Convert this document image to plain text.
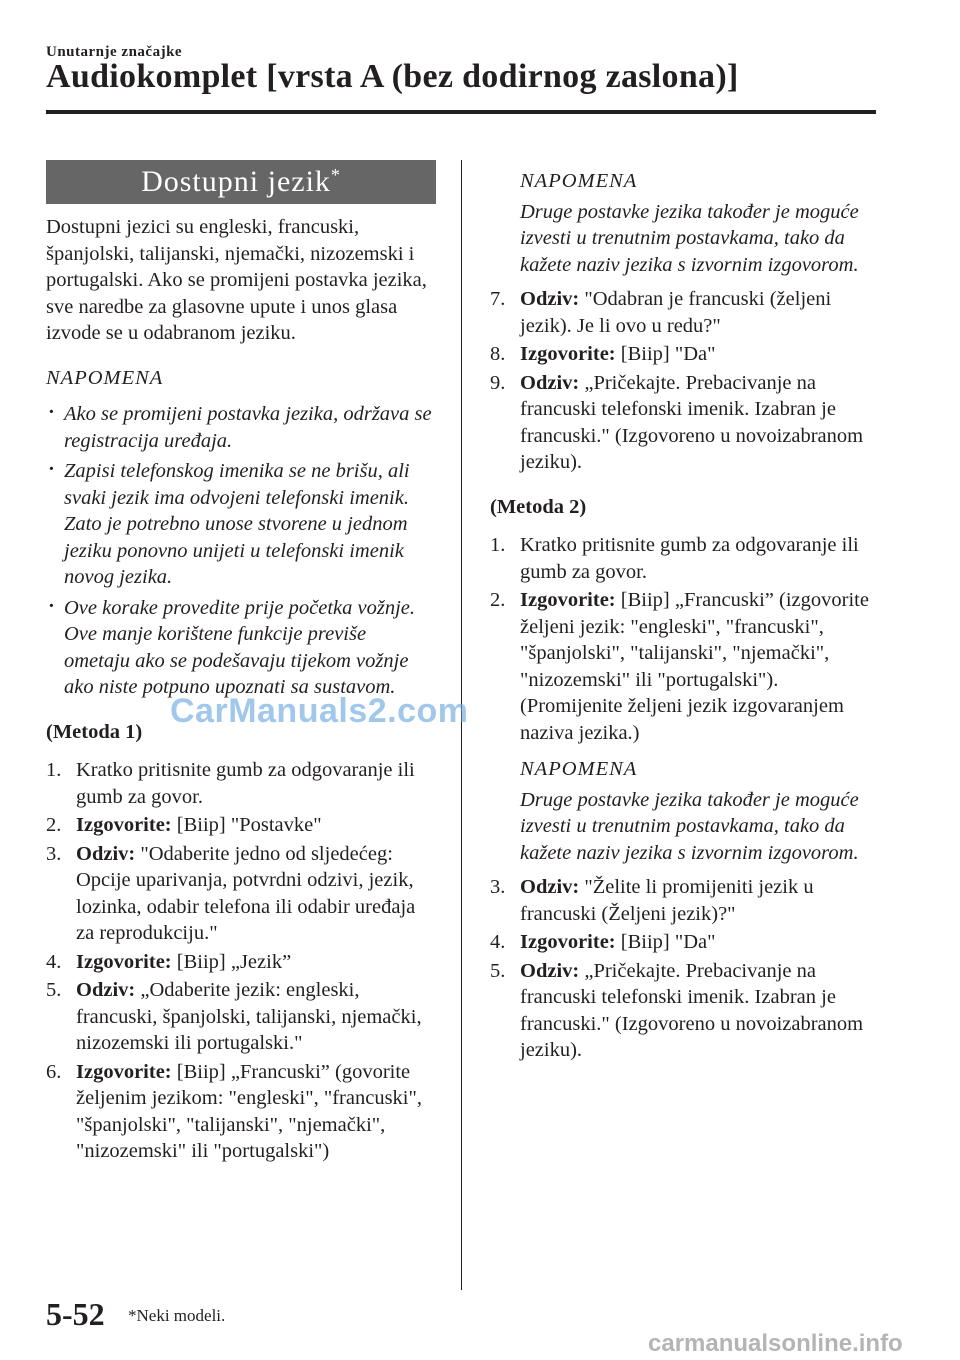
Unutarnje značajke
Audiokomplet [vrsta A (bez dodirnog zaslona)]
Dostupni jezik*

Dostupni jezici su engleski, francuski, španjolski, talijanski, njemački, nizozemski i portugalski. Ako se promijeni postavka jezika, sve naredbe za glasovne upute i unos glasa izvode se u odabranom jeziku.

NAPOMENA
· Ako se promijeni postavka jezika, održava se registracija uređaja.
· Zapisi telefonskog imenika se ne brišu, ali svaki jezik ima odvojeni telefonski imenik. Zato je potrebno unose stvorene u jednom jeziku ponovno unijeti u telefonski imenik novog jezika.
· Ove korake provedite prije početka vožnje. Ove manje korištene funkcije previše ometaju ako se podešavaju tijekom vožnje ako niste potpuno upoznati sa sustavom.
(Metoda 1)
1. Kratko pritisnite gumb za odgovaranje ili gumb za govor.
2. Izgovorite: [Biip] "Postavke"
3. Odziv: "Odaberite jedno od sljedećeg: Opcije uparivanja, potvrdni odzivi, jezik, lozinka, odabir telefona ili odabir uređaja za reprodukciju."
4. Izgovorite: [Biip] „Jezik”
5. Odziv: „Odaberite jezik: engleski, francuski, španjolski, talijanski, njemački, nizozemski ili portugalski."
6. Izgovorite: [Biip] „Francuski” (govorite željenim jezikom: "engleski", "francuski", "španjolski", "talijanski", "njemački", "nizozemski" ili "portugalski")
NAPOMENA
Druge postavke jezika također je moguće izvesti u trenutnim postavkama, tako da kažete naziv jezika s izvornim izgovorom.
7. Odziv: "Odabran je francuski (željeni jezik). Je li ovo u redu?"
8. Izgovorite: [Biip] "Da"
9. Odziv: „Pričekajte. Prebacivanje na francuski telefonski imenik. Izabran je francuski." (Izgovoreno u novoizabranom jeziku).
(Metoda 2)
1. Kratko pritisnite gumb za odgovaranje ili gumb za govor.
2. Izgovorite: [Biip] „Francuski” (izgovorite željeni jezik: "engleski", "francuski", "španjolski", "talijanski", "njemački", "nizozemski" ili "portugalski"). (Promijenite željeni jezik izgovaranjem naziva jezika.)
NAPOMENA
Druge postavke jezika također je moguće izvesti u trenutnim postavkama, tako da kažete naziv jezika s izvornim izgovorom.
3. Odziv: "Želite li promijeniti jezik u francuski (Željeni jezik)?"
4. Izgovorite: [Biip] "Da"
5. Odziv: „Pričekajte. Prebacivanje na francuski telefonski imenik. Izabran je francuski." (Izgovoreno u novoizabranom jeziku).
CarManuals2.com
5-52 *Neki modeli.
carmanualsonline.info
